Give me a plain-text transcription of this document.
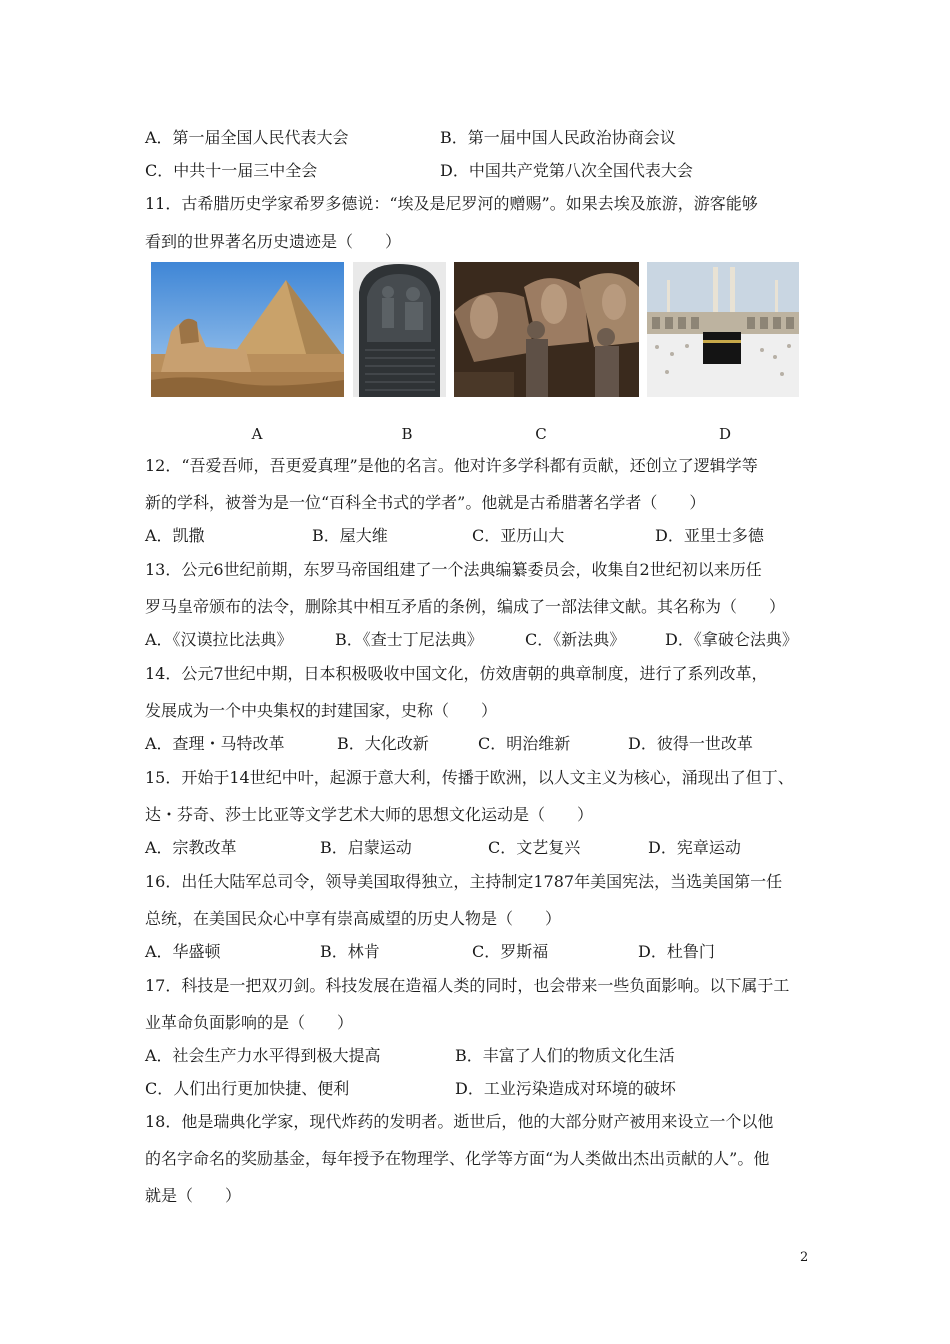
A．第一届全国人民代表大会	B．第一届中国人民政治协商会议
C．中共十一届三中全会	D．中国共产党第八次全国代表大会
11．古希腊历史学家希罗多德说：“埃及是尼罗河的赠赐”。如果去埃及旅游，游客能够
看到的世界著名历史遗迹是（　　）
A	B	C	D
12．“吾爱吾师，吾更爱真理”是他的名言。他对许多学科都有贡献，还创立了逻辑学等
新的学科，被誉为是一位“百科全书式的学者”。他就是古希腊著名学者（　　）
A．凯撒	B．屋大维	C．亚历山大	D．亚里士多德
13．公元6世纪前期，东罗马帝国组建了一个法典编纂委员会，收集自2世纪初以来历任
罗马皇帝颁布的法令，删除其中相互矛盾的条例，编成了一部法律文献。其名称为（　　）
A．《汉谟拉比法典》	B．《查士丁尼法典》	C．《新法典》 D．《拿破仑法典》
14．公元7世纪中期，日本积极吸收中国文化，仿效唐朝的典章制度，进行了系列改革，
发展成为一个中央集权的封建国家，史称（　　）
A．查理・马特改革	B．大化改新	C．明治维新	D．彼得一世改革
15．开始于14世纪中叶，起源于意大利，传播于欧洲，以人文主义为核心，涌现出了但丁、
达・芬奇、莎士比亚等文学艺术大师的思想文化运动是（　　）
A．宗教改革	B．启蒙运动	C．文艺复兴	D．宪章运动
16．出任大陆军总司令，领导美国取得独立，主持制定1787年美国宪法，当选美国第一任
总统，在美国民众心中享有崇高威望的历史人物是（　　）
A．华盛顿	B．林肯	C．罗斯福	D．杜鲁门
17．科技是一把双刃剑。科技发展在造福人类的同时，也会带来一些负面影响。以下属于工
业革命负面影响的是（　　）
A．社会生产力水平得到极大提高	B．丰富了人们的物质文化生活
C．人们出行更加快捷、便利	D．工业污染造成对环境的破坏
18．他是瑞典化学家，现代炸药的发明者。逝世后，他的大部分财产被用来设立一个以他
的名字命名的奖励基金，每年授予在物理学、化学等方面“为人类做出杰出贡献的人”。他
就是（　　）
2
